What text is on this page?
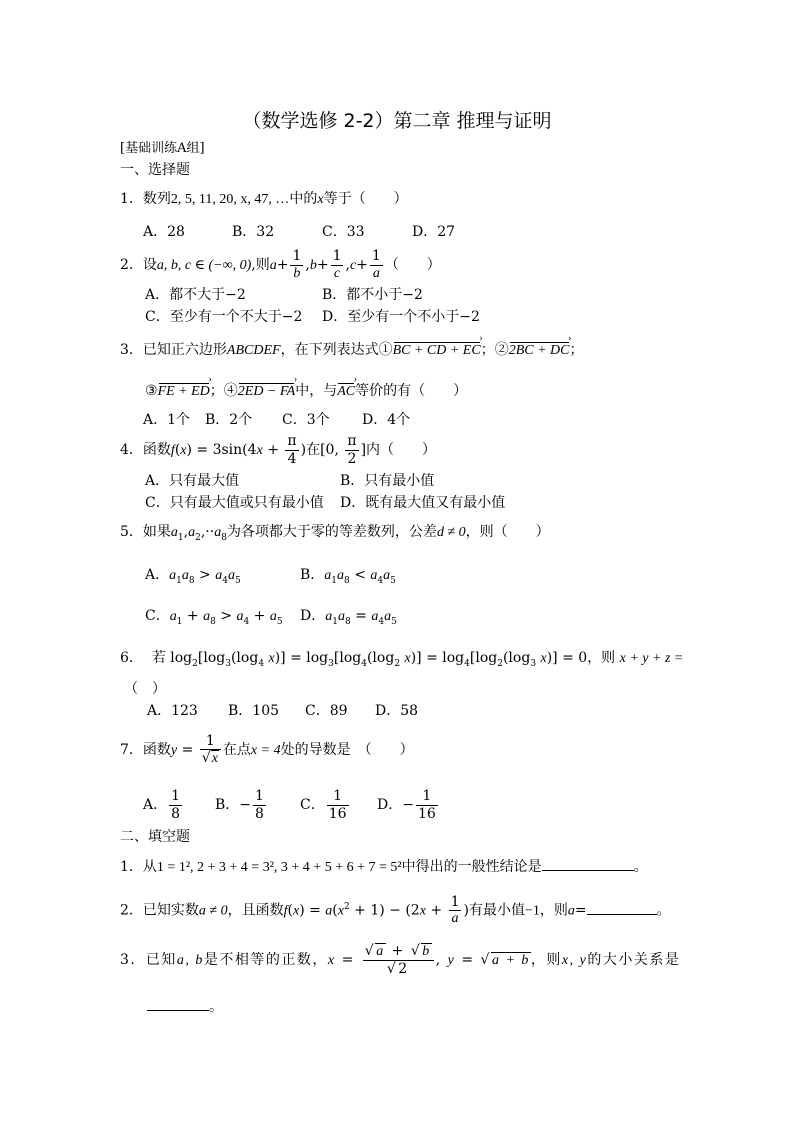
（数学选修 2-2）第二章 推理与证明
[基础训练A组]
一、选择题
1．数列2, 5, 11, 20, x, 47, …中的x等于（　　）
A．28	B．32	C．33	D．27
2．设a, b, c ∈ (−∞, 0),则$a+ \frac{1}{b} ,b+ \frac{1}{c} ,c+ \frac{1}{a}$ （　　）
A．都不大于−2	B．都不小于−2
C．至少有一个不大于−2 D．至少有一个不小于−2
3．已知正六边形ABCDEF，在下列表达式①BC + CD + EC ›；②2BC + DC ›；
③FE + ED ›；④2ED − FA ›中，与AC ›等价的有（　　）
A．1个 B．2个 C．3个 D．4个
4．函数$f(x) = 3\sin(4x + \frac{\pi}{4}$ )在[0, $\frac{\pi}{2}$ ]内（　　）
A．只有最大值	B．只有最小值
C．只有最大值或只有最小值 D．既有最大值又有最小值
5．如果$a_1,a_2,\cdot\cdot a_8$为各项都大于零的等差数列，公差d ≠ 0，则（　　）
A．$a_1a_8 > a_4a_5$	B．$a_1a_8 < a_4a_5$
C．$a_1 + a_8 > a_4 + a_5$ D．$a_1a_8 = a_4a_5$
6． 若 $\log_2[\log_3(\log_4$ $x)] = \log_3[\log_4(\log_2$ $x)] = \log_4[\log_2(\log_3$ x)] = 0，则 x + y + z =
（　）
A．123 B．105 C．89 D．58
7．函数$y = \frac{1}{√x}$ 在点x = 4处的导数是　（　　）
A． $\frac{1}{8}$ B．− $\frac{1}{8}$ C． $\frac{1}{16}$ D．− $\frac{1}{16}$
二、填空题
1．从1 = 1², 2 + 3 + 4 = 3², 3 + 4 + 5 + 6 + 7 = 5²中得出的一般性结论是	。
2．已知实数a ≠ 0，且函数$f(x) = a(x^2 + 1) - (2x + \frac{1}{a}$ )有最小值−1，则a=	。
3．已知a, b是不相等的正数，$x = \frac{√a + √b}{√2}$ , y = √a + b，则x, y的大小关系是
。
